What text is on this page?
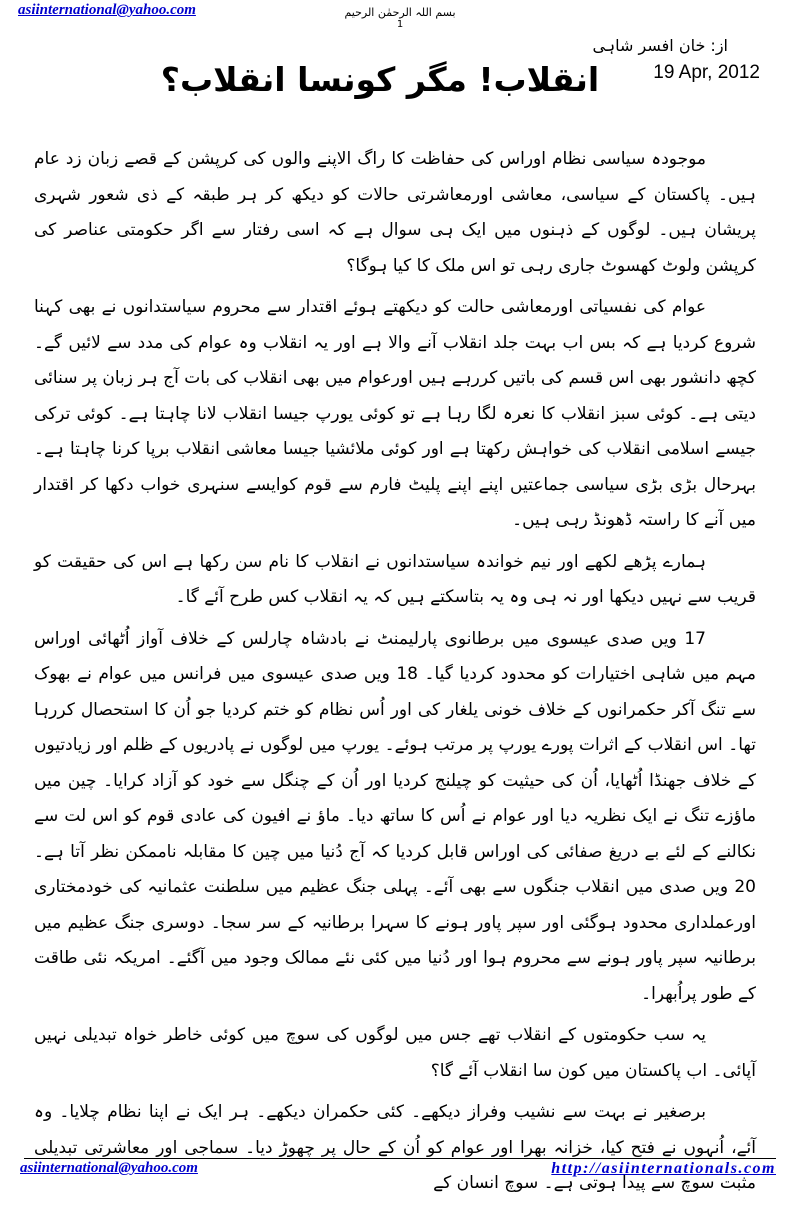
asiinternational@yahoo.com	بسم اللہ الرحمٰن الرحیم
1
از: خان افسر شاہی
19 Apr, 2012
انقلاب! مگر کونسا انقلاب؟

موجودہ سیاسی نظام اوراس کی حفاظت کا راگ الاپنے والوں کی کرپشن کے قصے زبان زد عام ہیں۔ پاکستان کے سیاسی، معاشی اورمعاشرتی حالات کو دیکھ کر ہر طبقہ کے ذی شعور شہری پریشان ہیں۔ لوگوں کے ذہنوں میں ایک ہی سوال ہے کہ اسی رفتار سے اگر حکومتی عناصر کی کرپشن ولوٹ کھسوٹ جاری رہی تو اس ملک کا کیا ہوگا؟

عوام کی نفسیاتی اورمعاشی حالت کو دیکھتے ہوئے اقتدار سے محروم سیاستدانوں نے بھی کہنا شروع کردیا ہے کہ بس اب بہت جلد انقلاب آنے والا ہے اور یہ انقلاب وہ عوام کی مدد سے لائیں گے۔ کچھ دانشور بھی اس قسم کی باتیں کررہے ہیں اورعوام میں بھی انقلاب کی بات آج ہر زبان پر سنائی دیتی ہے۔ کوئی سبز انقلاب کا نعرہ لگا رہا ہے تو کوئی یورپ جیسا انقلاب لانا چاہتا ہے۔ کوئی ترکی جیسے اسلامی انقلاب کی خواہش رکھتا ہے اور کوئی ملائشیا جیسا معاشی انقلاب برپا کرنا چاہتا ہے۔ بہرحال بڑی بڑی سیاسی جماعتیں اپنے اپنے پلیٹ فارم سے قوم کوایسے سنہری خواب دکھا کر اقتدار میں آنے کا راستہ ڈھونڈ رہی ہیں۔

ہمارے پڑھے لکھے اور نیم خواندہ سیاستدانوں نے انقلاب کا نام سن رکھا ہے اس کی حقیقت کو قریب سے نہیں دیکھا اور نہ ہی وہ یہ بتاسکتے ہیں کہ یہ انقلاب کس طرح آئے گا۔

17 ویں صدی عیسوی میں برطانوی پارلیمنٹ نے بادشاہ چارلس کے خلاف آواز اُٹھائی اوراس مہم میں شاہی اختیارات کو محدود کردیا گیا۔ 18 ویں صدی عیسوی میں فرانس میں عوام نے بھوک سے تنگ آکر حکمرانوں کے خلاف خونی یلغار کی اور اُس نظام کو ختم کردیا جو اُن کا استحصال کررہا تھا۔ اس انقلاب کے اثرات پورے یورپ پر مرتب ہوئے۔ یورپ میں لوگوں نے پادریوں کے ظلم اور زیادتیوں کے خلاف جھنڈا اُٹھایا، اُن کی حیثیت کو چیلنج کردیا اور اُن کے چنگل سے خود کو آزاد کرایا۔ چین میں ماؤزے تنگ نے ایک نظریہ دیا اور عوام نے اُس کا ساتھ دیا۔ ماؤ نے افیون کی عادی قوم کو اس لت سے نکالنے کے لئے بے دریغ صفائی کی اوراس قابل کردیا کہ آج دُنیا میں چین کا مقابلہ ناممکن نظر آتا ہے۔ 20 ویں صدی میں انقلاب جنگوں سے بھی آئے۔ پہلی جنگ عظیم میں سلطنت عثمانیہ کی خودمختاری اورعملداری محدود ہوگئی اور سپر پاور ہونے کا سہرا برطانیہ کے سر سجا۔ دوسری جنگ عظیم میں برطانیہ سپر پاور ہونے سے محروم ہوا اور دُنیا میں کئی نئے ممالک وجود میں آگئے۔ امریکہ نئی طاقت کے طور پراُبھرا۔

یہ سب حکومتوں کے انقلاب تھے جس میں لوگوں کی سوچ میں کوئی خاطر خواہ تبدیلی نہیں آپائی۔ اب پاکستان میں کون سا انقلاب آئے گا؟

برصغیر نے بہت سے نشیب وفراز دیکھے۔ کئی حکمران دیکھے۔ ہر ایک نے اپنا نظام چلایا۔ وہ آئے، اُنہوں نے فتح کیا، خزانہ بھرا اور عوام کو اُن کے حال پر چھوڑ دیا۔ سماجی اور معاشرتی تبدیلی مثبت سوچ سے پیدا ہوتی ہے۔ سوچ انسان کے

asiinternational@yahoo.com	http://asiinternationals.com
